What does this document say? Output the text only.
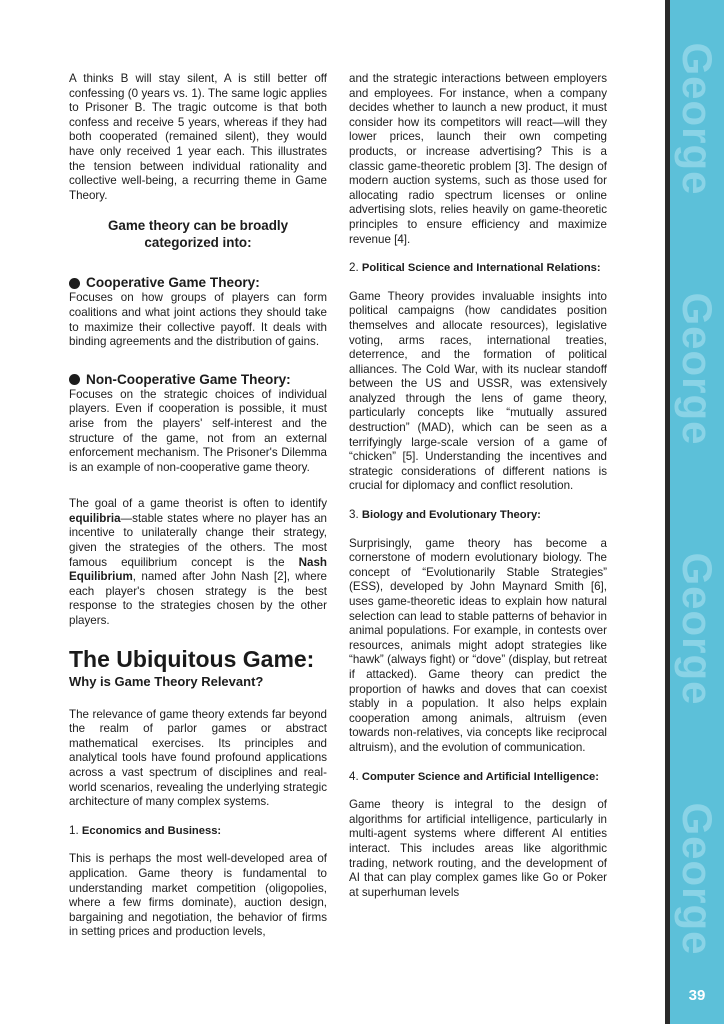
A thinks B will stay silent, A is still better off confessing (0 years vs. 1). The same logic applies to Prisoner B. The tragic outcome is that both confess and receive 5 years, whereas if they had both cooperated (remained silent), they would have only received 1 year each. This illustrates the tension between individual rationality and collective well-being, a recurring theme in Game Theory.

Game theory can be broadly categorized into:
Cooperative Game Theory:

Focuses on how groups of players can form coalitions and what joint actions they should take to maximize their collective payoff. It deals with binding agreements and the distribution of gains.

Non-Cooperative Game Theory:

Focuses on the strategic choices of individual players. Even if cooperation is possible, it must arise from the players' self-interest and the structure of the game, not from an external enforcement mechanism. The Prisoner's Dilemma is an example of non-cooperative game theory.

The goal of a game theorist is often to identify equilibria—stable states where no player has an incentive to unilaterally change their strategy, given the strategies of the others. The most famous equilibrium concept is the Nash Equilibrium, named after John Nash [2], where each player's chosen strategy is the best response to the strategies chosen by the other players.

The Ubiquitous Game:
Why is Game Theory Relevant?

The relevance of game theory extends far beyond the realm of parlor games or abstract mathematical exercises. Its principles and analytical tools have found profound applications across a vast spectrum of disciplines and real-world scenarios, revealing the underlying strategic architecture of many complex systems.

1. Economics and Business:

This is perhaps the most well-developed area of application. Game theory is fundamental to understanding market competition (oligopolies, where a few firms dominate), auction design, bargaining and negotiation, the behavior of firms in setting prices and production levels,

and the strategic interactions between employers and employees. For instance, when a company decides whether to launch a new product, it must consider how its competitors will react—will they lower prices, launch their own competing products, or increase advertising? This is a classic game-theoretic problem [3]. The design of modern auction systems, such as those used for allocating radio spectrum licenses or online advertising slots, relies heavily on game-theoretic principles to ensure efficiency and maximize revenue [4].

2. Political Science and International Relations:

Game Theory provides invaluable insights into political campaigns (how candidates position themselves and allocate resources), legislative voting, arms races, international treaties, deterrence, and the formation of political alliances. The Cold War, with its nuclear standoff between the US and USSR, was extensively analyzed through the lens of game theory, particularly concepts like “mutually assured destruction” (MAD), which can be seen as a terrifyingly large-scale version of a game of “chicken” [5]. Understanding the incentives and strategic considerations of different nations is crucial for diplomacy and conflict resolution.

3. Biology and Evolutionary Theory:

Surprisingly, game theory has become a cornerstone of modern evolutionary biology. The concept of “Evolutionarily Stable Strategies” (ESS), developed by John Maynard Smith [6], uses game-theoretic ideas to explain how natural selection can lead to stable patterns of behavior in animal populations. For example, in contests over resources, animals might adopt strategies like “hawk” (always fight) or “dove” (display, but retreat if attacked). Game theory can predict the proportion of hawks and doves that can coexist stably in a population. It also helps explain cooperation among animals, altruism (even towards non-relatives, via concepts like reciprocal altruism), and the evolution of communication.

4. Computer Science and Artificial Intelligence:

Game theory is integral to the design of algorithms for artificial intelligence, particularly in multi-agent systems where different AI entities interact. This includes areas like algorithmic trading, network routing, and the development of AI that can play complex games like Go or Poker at superhuman levels

George
George
George
George
39
